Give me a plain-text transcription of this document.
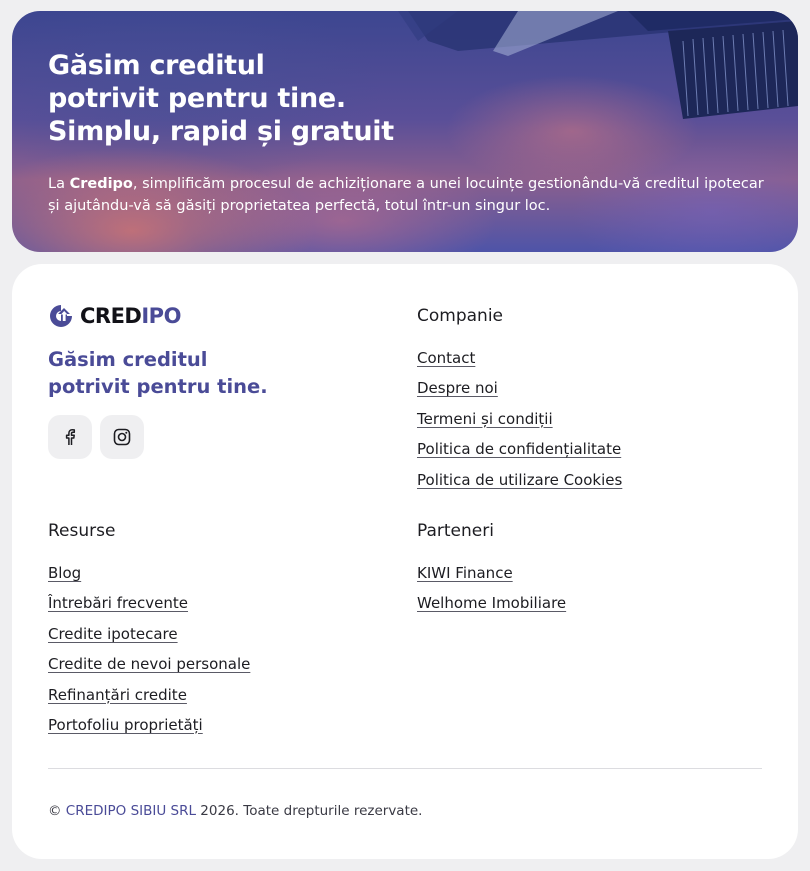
Găsim creditul
potrivit pentru tine.
Simplu, rapid și gratuit

La Credipo, simplificăm procesul de achiziționare a unei locuințe gestionându-vă creditul ipotecar și ajutându-vă să găsiți proprietatea perfectă, totul într-un singur loc.

CREDIPO
Găsim creditul
potrivit pentru tine.
Companie
Contact
Despre noi
Termeni și condiții
Politica de confidențialitate
Politica de utilizare Cookies
Resurse
Blog
Întrebări frecvente
Credite ipotecare
Credite de nevoi personale
Refinanțări credite
Portofoliu proprietăți
Parteneri
KIWI Finance
Welhome Imobiliare
© CREDIPO SIBIU SRL 2026. Toate drepturile rezervate.
